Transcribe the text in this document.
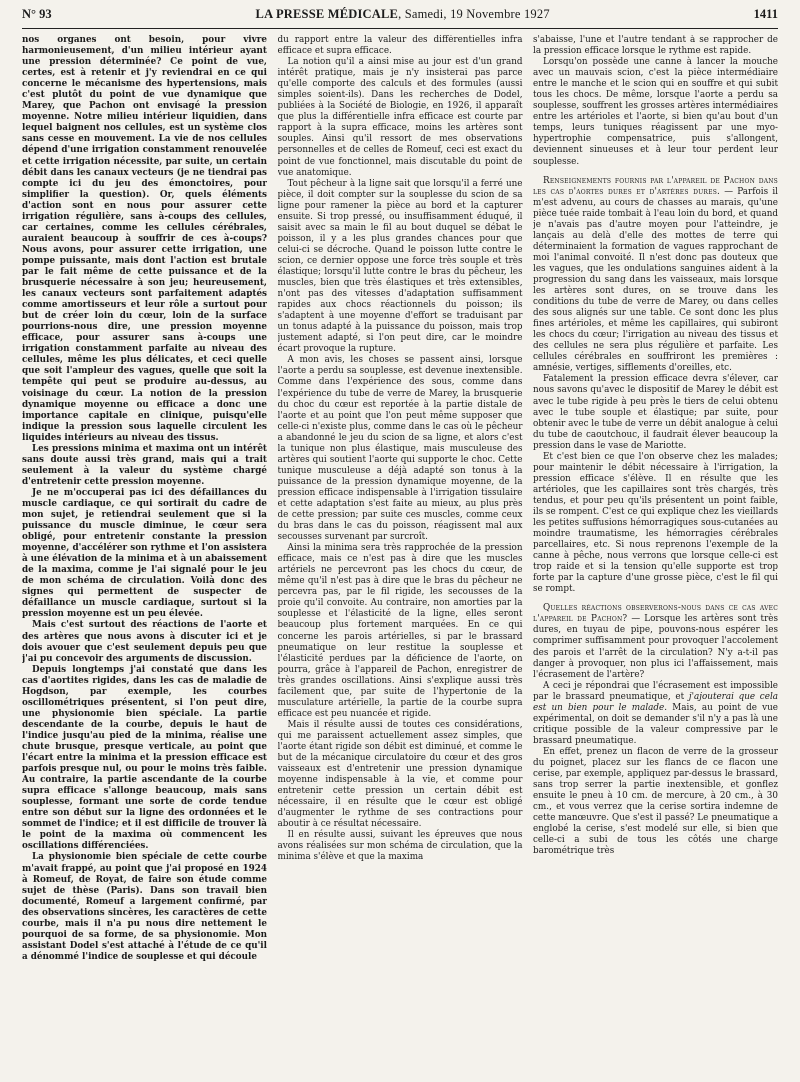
N° 93	LA PRESSE MÉDICALE, Samedi, 19 Novembre 1927	1411

nos organes ont besoin, pour vivre harmonieusement, d'un milieu intérieur ayant une pression déterminée? Ce point de vue, certes, est à retenir et j'y reviendrai en ce qui concerne le mécanisme des hypertensions, mais c'est plutôt du point de vue dynamique que Marey, que Pachon ont envisagé la pression moyenne. Notre milieu intérieur liquidien, dans lequel baignent nos cellules, est un système clos sans cesse en mouvement. La vie de nos cellules dépend d'une irrigation constamment renouvelée et cette irrigation nécessite, par suite, un certain débit dans les canaux vecteurs (je ne tiendrai pas compte ici du jeu des émonctoires, pour simplifier la question). Or, quels éléments d'action sont en nous pour assurer cette irrigation régulière, sans à-coups des cellules, car certaines, comme les cellules cérébrales, auraient beaucoup à souffrir de ces à-coups? Nous avons, pour assurer cette irrigation, une pompe puissante, mais dont l'action est brutale par le fait même de cette puissance et de la brusquerie nécessaire à son jeu; heureusement, les canaux vecteurs sont parfaitement adaptés comme amortisseurs et leur rôle a surtout pour but de créer loin du cœur, loin de la surface pourrions-nous dire, une pression moyenne efficace, pour assurer sans à-coups une irrigation constamment parfaite au niveau des cellules, même les plus délicates, et ceci quelle que soit l'ampleur des vagues, quelle que soit la tempête qui peut se produire au-dessus, au voisinage du cœur. La notion de la pression dynamique moyenne ou efficace a donc une importance capitale en clinique, puisqu'elle indique la pression sous laquelle circulent les liquides intérieurs au niveau des tissus.

Les pressions minima et maxima ont un intérêt sans doute aussi très grand, mais qui a trait seulement à la valeur du système chargé d'entretenir cette pression moyenne.

Je ne m'occuperai pas ici des défaillances du muscle cardiaque, ce qui sortirait du cadre de mon sujet, je retiendrai seulement que si la puissance du muscle diminue, le cœur sera obligé, pour entretenir constante la pression moyenne, d'accélérer son rythme et l'on assistera à une élévation de la minima et à un abaissement de la maxima, comme je l'ai signalé pour le jeu de mon schéma de circulation. Voilà donc des signes qui permettent de suspecter de défaillance un muscle cardiaque, surtout si la pression moyenne est un peu élevée.

Mais c'est surtout des réactions de l'aorte et des artères que nous avons à discuter ici et je dois avouer que c'est seulement depuis peu que j'ai pu concevoir des arguments de discussion.

Depuis longtemps j'ai constaté que dans les cas d'aortites rigides, dans les cas de maladie de Hogdson, par exemple, les courbes oscillométriques présentent, si l'on peut dire, une physionomie bien spéciale. La partie descendante de la courbe, depuis le haut de l'indice jusqu'au pied de la minima, réalise une chute brusque, presque verticale, au point que l'écart entre la minima et la pression efficace est parfois presque nul, ou pour le moins très faible. Au contraire, la partie ascendante de la courbe supra efficace s'allonge beaucoup, mais sans souplesse, formant une sorte de corde tendue entre son début sur la ligne des ordonnées et le sommet de l'indice; et il est difficile de trouver là le point de la maxima où commencent les oscillations différenciées.

La physionomie bien spéciale de cette courbe m'avait frappé, au point que j'ai proposé en 1924 à Romeuf, de Royat, de faire son étude comme sujet de thèse (Paris). Dans son travail bien documenté, Romeuf a largement confirmé, par des observations sincères, les caractères de cette courbe, mais il n'a pu nous dire nettement le pourquoi de sa forme, de sa physionomie. Mon assistant Dodel s'est attaché à l'étude de ce qu'il a dénommé l'indice de souplesse et qui découle

du rapport entre la valeur des différentielles infra efficace et supra efficace.

La notion qu'il a ainsi mise au jour est d'un grand intérêt pratique, mais je n'y insisterai pas parce qu'elle comporte des calculs et des formules (aussi simples soient-ils). Dans les recherches de Dodel, publiées à la Société de Biologie, en 1926, il apparaît que plus la différentielle infra efficace est courte par rapport à la supra efficace, moins les artères sont souples. Ainsi qu'il ressort de mes observations personnelles et de celles de Romeuf, ceci est exact du point de vue fonctionnel, mais discutable du point de vue anatomique.

Tout pêcheur à la ligne sait que lorsqu'il a ferré une pièce, il doit compter sur la souplesse du scion de sa ligne pour ramener la pièce au bord et la capturer ensuite. Si trop pressé, ou insuffisamment éduqué, il saisit avec sa main le fil au bout duquel se débat le poisson, il y a les plus grandes chances pour que celui-ci se décroche. Quand le poisson lutte contre le scion, ce dernier oppose une force très souple et très élastique; lorsqu'il lutte contre le bras du pêcheur, les muscles, bien que très élastiques et très extensibles, n'ont pas des vitesses d'adaptation suffisamment rapides aux chocs réactionnels du poisson; ils s'adaptent à une moyenne d'effort se traduisant par un tonus adapté à la puissance du poisson, mais trop justement adapté, si l'on peut dire, car le moindre écart provoque la rupture.

A mon avis, les choses se passent ainsi, lorsque l'aorte a perdu sa souplesse, est devenue inextensible. Comme dans l'expérience des sous, comme dans l'expérience du tube de verre de Marey, la brusquerie du choc du cœur est reportée à la partie distale de l'aorte et au point que l'on peut même supposer que celle-ci n'existe plus, comme dans le cas où le pêcheur a abandonné le jeu du scion de sa ligne, et alors c'est la tunique non plus élastique, mais musculeuse des artères qui soutient l'aorte qui supporte le choc. Cette tunique musculeuse a déjà adapté son tonus à la puissance de la pression dynamique moyenne, de la pression efficace indispensable à l'irrigation tissulaire et cette adaptation s'est faite au mieux, au plus près de cette pression; par suite ces muscles, comme ceux du bras dans le cas du poisson, réagissent mal aux secousses survenant par surcroît.

Ainsi la minima sera très rapprochée de la pression efficace, mais ce n'est pas à dire que les muscles artériels ne percevront pas les chocs du cœur, de même qu'il n'est pas à dire que le bras du pêcheur ne percevra pas, par le fil rigide, les secousses de la proie qu'il convoite. Au contraire, non amorties par la souplesse et l'élasticité de la ligne, elles seront beaucoup plus fortement marquées. En ce qui concerne les parois artérielles, si par le brassard pneumatique on leur restitue la souplesse et l'élasticité perdues par la déficience de l'aorte, on pourra, grâce à l'appareil de Pachon, enregistrer de très grandes oscillations. Ainsi s'explique aussi très facilement que, par suite de l'hypertonie de la musculature artérielle, la partie de la courbe supra efficace est peu nuancée et rigide.

Mais il résulte aussi de toutes ces considérations, qui me paraissent actuellement assez simples, que l'aorte étant rigide son débit est diminué, et comme le but de la mécanique circulatoire du cœur et des gros vaisseaux est d'entretenir une pression dynamique moyenne indispensable à la vie, et comme pour entretenir cette pression un certain débit est nécessaire, il en résulte que le cœur est obligé d'augmenter le rythme de ses contractions pour aboutir à ce résultat nécessaire.

Il en résulte aussi, suivant les épreuves que nous avons réalisées sur mon schéma de circulation, que la minima s'élève et que la maxima

s'abaisse, l'une et l'autre tendant à se rapprocher de la pression efficace lorsque le rythme est rapide.

Lorsqu'on possède une canne à lancer la mouche avec un mauvais scion, c'est la pièce intermédiaire entre le manche et le scion qui en souffre et qui subit tous les chocs. De même, lorsque l'aorte a perdu sa souplesse, souffrent les grosses artères intermédiaires entre les artérioles et l'aorte, si bien qu'au bout d'un temps, leurs tuniques réagissent par une myo-hypertrophie compensatrice, puis s'allongent, deviennent sinueuses et à leur tour perdent leur souplesse.

Renseignements fournis par l'appareil de Pachon dans les cas d'aortes dures et d'artères dures. — Parfois il m'est advenu, au cours de chasses au marais, qu'une pièce tuée raide tombait à l'eau loin du bord, et quand je n'avais pas d'autre moyen pour l'atteindre, je lançais au delà d'elle des mottes de terre qui déterminaient la formation de vagues rapprochant de moi l'animal convoité. Il n'est donc pas douteux que les vagues, que les ondulations sanguines aident à la progression du sang dans les vaisseaux, mais lorsque les artères sont dures, on se trouve dans les conditions du tube de verre de Marey, ou dans celles des sous alignés sur une table. Ce sont donc les plus fines artérioles, et même les capillaires, qui subiront les chocs du cœur; l'irrigation au niveau des tissus et des cellules ne sera plus régulière et parfaite. Les cellules cérébrales en souffriront les premières : amnésie, vertiges, sifflements d'oreilles, etc.

Fatalement la pression efficace devra s'élever, car nous savons qu'avec le dispositif de Marey le débit est avec le tube rigide à peu près le tiers de celui obtenu avec le tube souple et élastique; par suite, pour obtenir avec le tube de verre un débit analogue à celui du tube de caoutchouc, il faudrait élever beaucoup la pression dans le vase de Mariotte.

Et c'est bien ce que l'on observe chez les malades; pour maintenir le débit nécessaire à l'irrigation, la pression efficace s'élève. Il en résulte que les artérioles, que les capillaires sont très chargés, très tendus, et pour peu qu'ils présentent un point faible, ils se rompent. C'est ce qui explique chez les vieillards les petites suffusions hémorragiques sous-cutanées au moindre traumatisme, les hémorragies cérébrales parcellaires, etc. Si nous reprenons l'exemple de la canne à pêche, nous verrons que lorsque celle-ci est trop raide et si la tension qu'elle supporte est trop forte par la capture d'une grosse pièce, c'est le fil qui se rompt.

Quelles réactions observerons-nous dans ce cas avec l'appareil de Pachon? — Lorsque les artères sont très dures, en tuyau de pipe, pouvons-nous espérer les comprimer suffisamment pour provoquer l'accolement des parois et l'arrêt de la circulation? N'y a-t-il pas danger à provoquer, non plus ici l'affaissement, mais l'écrasement de l'artère?

A ceci je répondrai que l'écrasement est impossible par le brassard pneumatique, et j'ajouterai que cela est un bien pour le malade. Mais, au point de vue expérimental, on doit se demander s'il n'y a pas là une critique possible de la valeur compressive par le brassard pneumatique.

En effet, prenez un flacon de verre de la grosseur du poignet, placez sur les flancs de ce flacon une cerise, par exemple, appliquez par-dessus le brassard, sans trop serrer la partie inextensible, et gonflez ensuite le pneu à 10 cm. de mercure, à 20 cm., à 30 cm., et vous verrez que la cerise sortira indemne de cette manœuvre. Que s'est il passé? Le pneumatique a englobé la cerise, s'est modelé sur elle, si bien que celle-ci a subi de tous les côtés une charge barométrique très
